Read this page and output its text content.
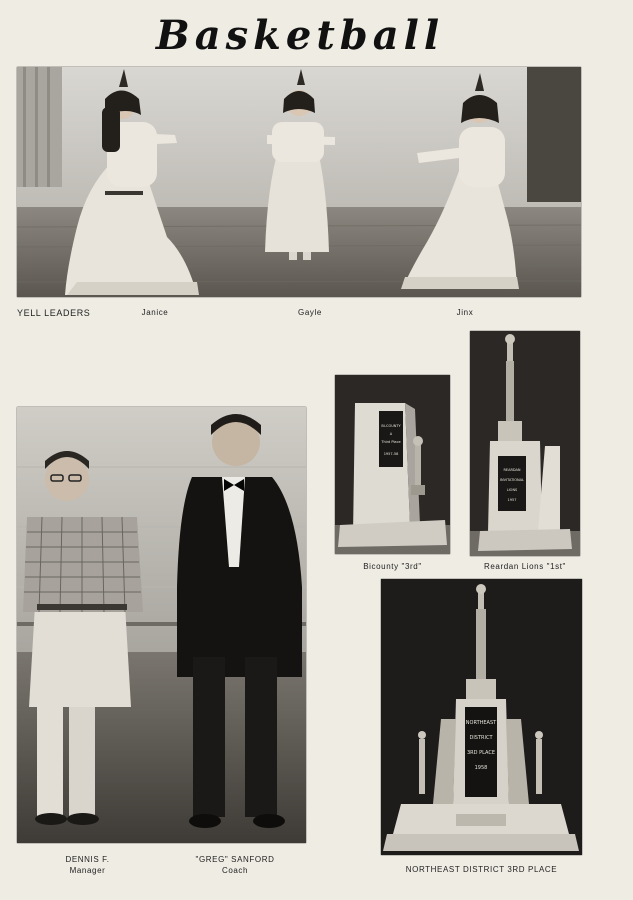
Basketball
YELL LEADERS	Janice	Gayle	Jinx
DENNIS F.
Manager
"GREG" SANFORD
Coach
BI-COUNTY
A
Third Place
1957-58
Bicounty "3rd"
REARDAN
INVITATIONAL
LIONS
1957
Reardan Lions "1st"
NORTHEAST
DISTRICT
3RD PLACE
1958
NORTHEAST DISTRICT 3RD PLACE
